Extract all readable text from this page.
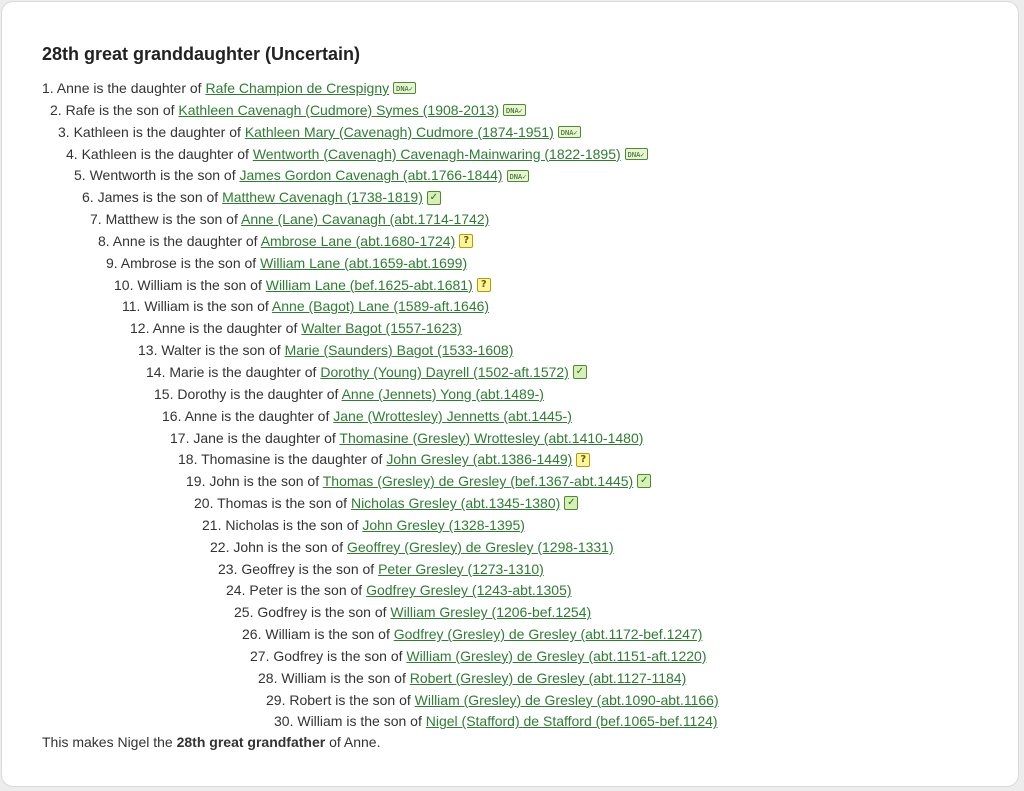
28th great granddaughter (Uncertain)
1. Anne is the daughter of Rafe Champion de Crespigny DNA✓
2. Rafe is the son of Kathleen Cavenagh (Cudmore) Symes (1908-2013) DNA✓
3. Kathleen is the daughter of Kathleen Mary (Cavenagh) Cudmore (1874-1951) DNA✓
4. Kathleen is the daughter of Wentworth (Cavenagh) Cavenagh-Mainwaring (1822-1895) DNA✓
5. Wentworth is the son of James Gordon Cavenagh (abt.1766-1844) DNA✓
6. James is the son of Matthew Cavenagh (1738-1819) ✓
7. Matthew is the son of Anne (Lane) Cavanagh (abt.1714-1742)
8. Anne is the daughter of Ambrose Lane (abt.1680-1724) ?
9. Ambrose is the son of William Lane (abt.1659-abt.1699)
10. William is the son of William Lane (bef.1625-abt.1681) ?
11. William is the son of Anne (Bagot) Lane (1589-aft.1646)
12. Anne is the daughter of Walter Bagot (1557-1623)
13. Walter is the son of Marie (Saunders) Bagot (1533-1608)
14. Marie is the daughter of Dorothy (Young) Dayrell (1502-aft.1572) ✓
15. Dorothy is the daughter of Anne (Jennets) Yong (abt.1489-)
16. Anne is the daughter of Jane (Wrottesley) Jennetts (abt.1445-)
17. Jane is the daughter of Thomasine (Gresley) Wrottesley (abt.1410-1480)
18. Thomasine is the daughter of John Gresley (abt.1386-1449) ?
19. John is the son of Thomas (Gresley) de Gresley (bef.1367-abt.1445) ✓
20. Thomas is the son of Nicholas Gresley (abt.1345-1380) ✓
21. Nicholas is the son of John Gresley (1328-1395)
22. John is the son of Geoffrey (Gresley) de Gresley (1298-1331)
23. Geoffrey is the son of Peter Gresley (1273-1310)
24. Peter is the son of Godfrey Gresley (1243-abt.1305)
25. Godfrey is the son of William Gresley (1206-bef.1254)
26. William is the son of Godfrey (Gresley) de Gresley (abt.1172-bef.1247)
27. Godfrey is the son of William (Gresley) de Gresley (abt.1151-aft.1220)
28. William is the son of Robert (Gresley) de Gresley (abt.1127-1184)
29. Robert is the son of William (Gresley) de Gresley (abt.1090-abt.1166)
30. William is the son of Nigel (Stafford) de Stafford (bef.1065-bef.1124)
This makes Nigel the 28th great grandfather of Anne.
